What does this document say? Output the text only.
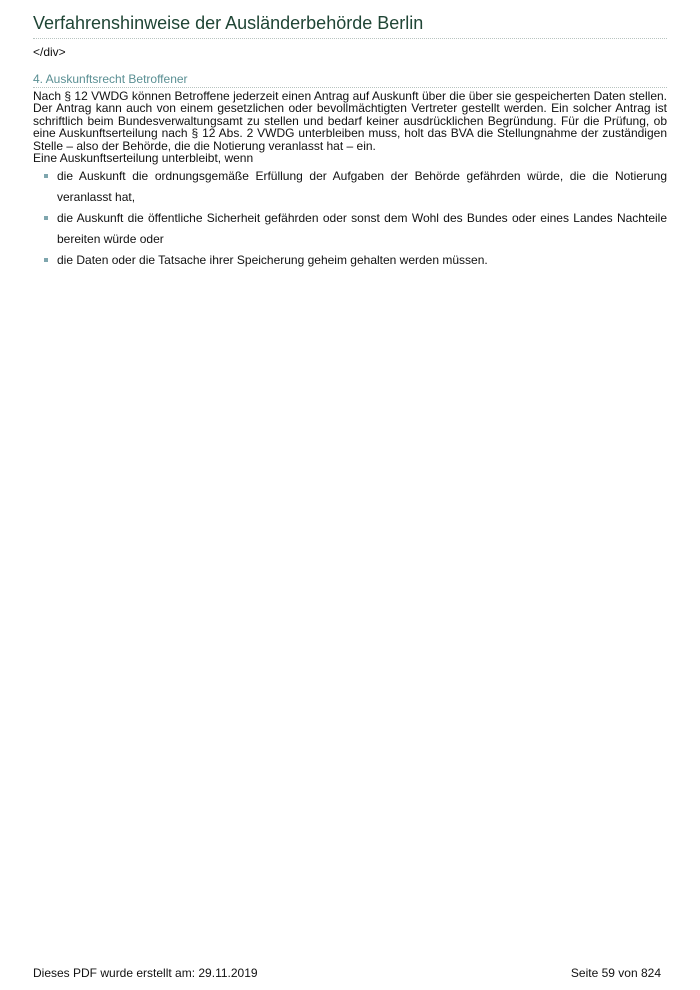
Verfahrenshinweise der Ausländerbehörde Berlin
</div>
4. Auskunftsrecht Betroffener

Nach § 12 VWDG können Betroffene jederzeit einen Antrag auf Auskunft über die über sie gespeicherten Daten stellen. Der Antrag kann auch von einem gesetzlichen oder bevollmächtigten Vertreter gestellt werden. Ein solcher Antrag ist schriftlich beim Bundesverwaltungsamt zu stellen und bedarf keiner ausdrücklichen Begründung. Für die Prüfung, ob eine Auskunftserteilung nach § 12 Abs. 2 VWDG unterbleiben muss, holt das BVA die Stellungnahme der zuständigen Stelle – also der Behörde, die die Notierung veranlasst hat – ein.

Eine Auskunftserteilung unterbleibt, wenn

die Auskunft die ordnungsgemäße Erfüllung der Aufgaben der Behörde gefährden würde, die die Notierung veranlasst hat,
die Auskunft die öffentliche Sicherheit gefährden oder sonst dem Wohl des Bundes oder eines Landes Nachteile bereiten würde oder
die Daten oder die Tatsache ihrer Speicherung geheim gehalten werden müssen.
Dieses PDF wurde erstellt am: 29.11.2019	Seite 59 von 824
